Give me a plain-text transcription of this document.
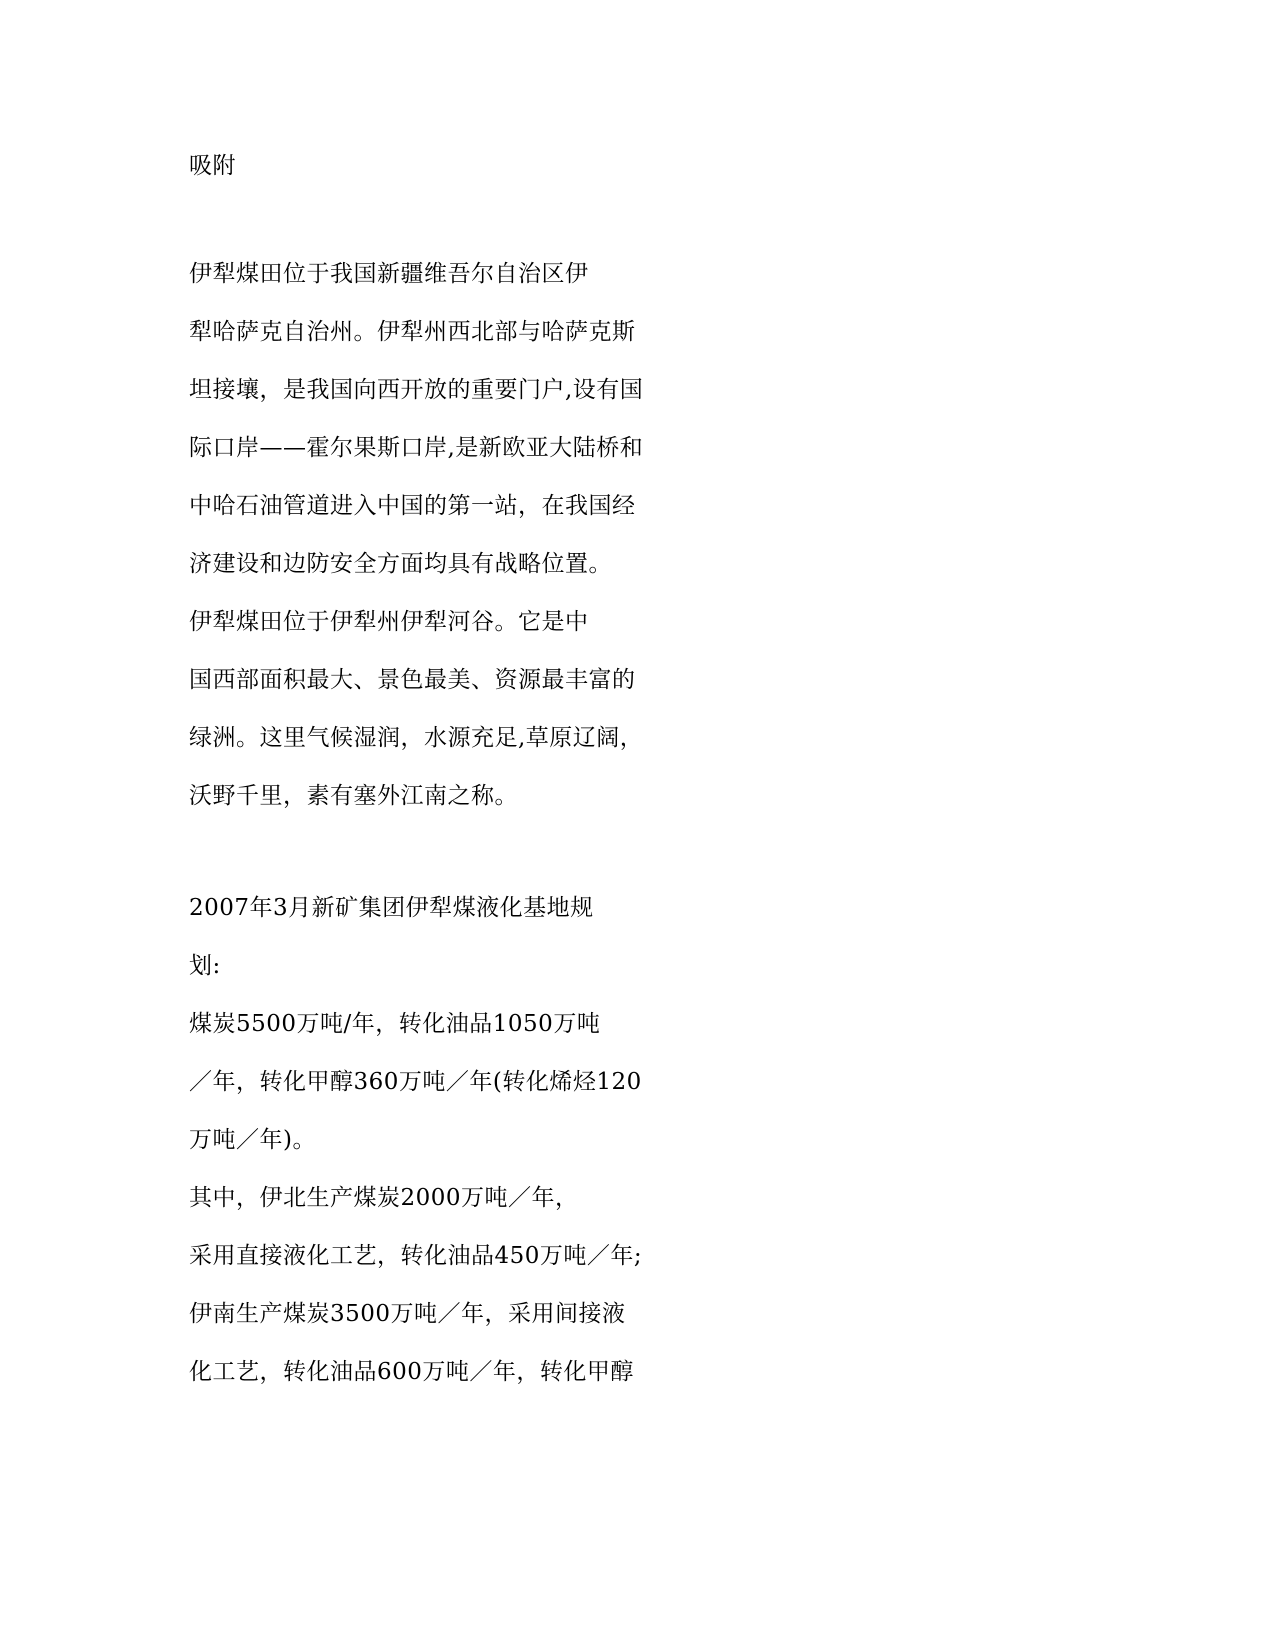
吸附
伊犁煤田位于我国新疆维吾尔自治区伊
犁哈萨克自治州。伊犁州西北部与哈萨克斯
坦接壤，是我国向西开放的重要门户,设有国
际口岸——霍尔果斯口岸,是新欧亚大陆桥和
中哈石油管道进入中国的第一站，在我国经
济建设和边防安全方面均具有战略位置。
伊犁煤田位于伊犁州伊犁河谷。它是中
国西部面积最大、景色最美、资源最丰富的
绿洲。这里气候湿润，水源充足,草原辽阔，
沃野千里，素有塞外江南之称。
2007年3月新矿集团伊犁煤液化基地规
划:
煤炭5500万吨/年，转化油品1050万吨
／年，转化甲醇360万吨／年(转化烯烃120
万吨／年)。
其中，伊北生产煤炭2000万吨／年，
采用直接液化工艺，转化油品450万吨／年;
伊南生产煤炭3500万吨／年，采用间接液
化工艺，转化油品600万吨／年，转化甲醇
